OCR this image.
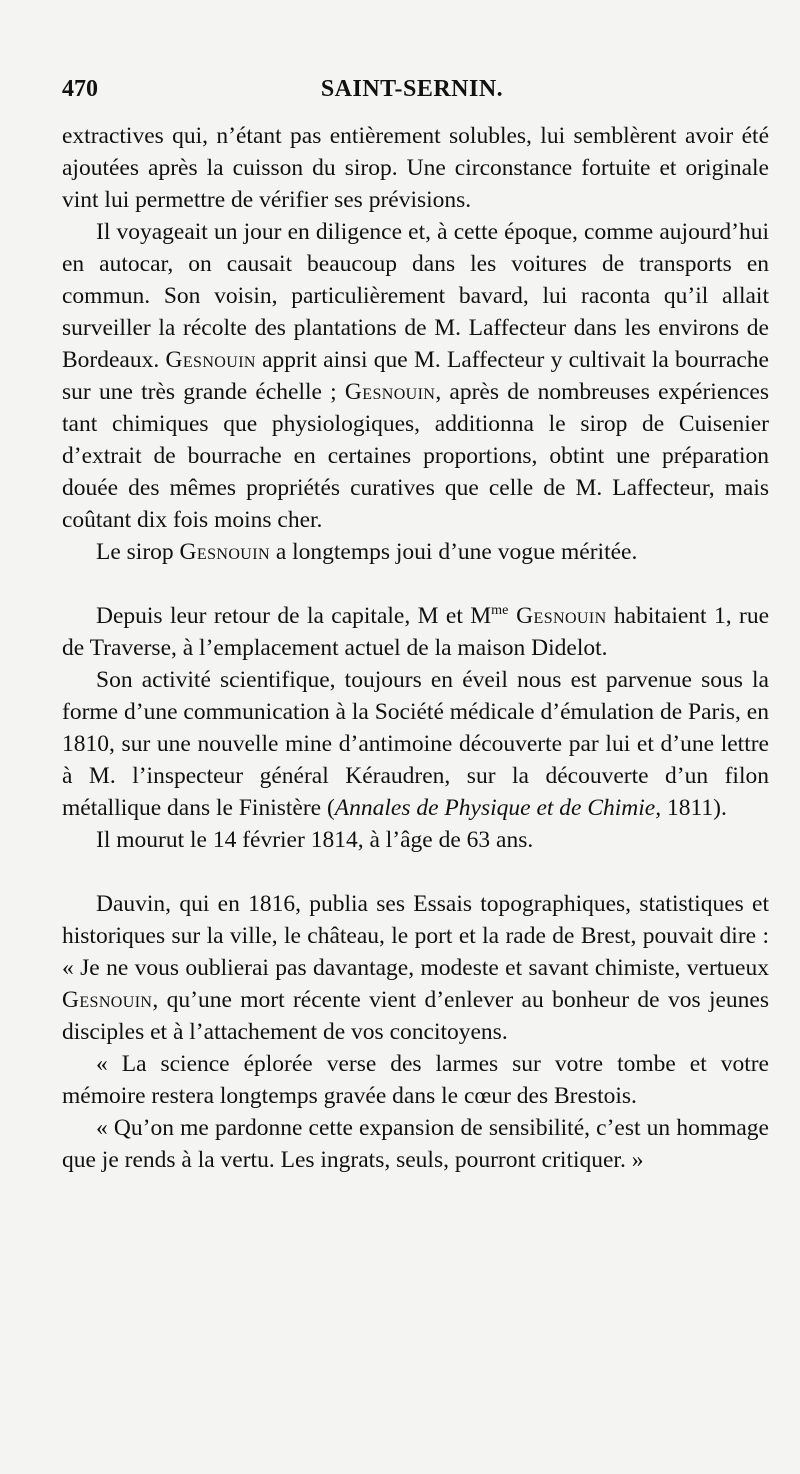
470	SAINT-SERNIN.

extractives qui, n’étant pas entièrement solubles, lui semblèrent avoir été ajoutées après la cuisson du sirop. Une circonstance fortuite et originale vint lui permettre de vérifier ses prévisions.

Il voyageait un jour en diligence et, à cette époque, comme aujourd’hui en autocar, on causait beaucoup dans les voitures de transports en commun. Son voisin, particulièrement bavard, lui raconta qu’il allait surveiller la récolte des plantations de M. Laffecteur dans les environs de Bordeaux. Gesnouin apprit ainsi que M. Laffecteur y cultivait la bourrache sur une très grande échelle ; Gesnouin, après de nombreuses expériences tant chimiques que physiologiques, additionna le sirop de Cuisenier d’extrait de bourrache en certaines proportions, obtint une préparation douée des mêmes propriétés curatives que celle de M. Laffecteur, mais coûtant dix fois moins cher.

Le sirop Gesnouin a longtemps joui d’une vogue méritée.

Depuis leur retour de la capitale, M et $M^{me}$ Gesnouin habitaient 1, rue de Traverse, à l’emplacement actuel de la maison Didelot.

Son activité scientifique, toujours en éveil nous est parvenue sous la forme d’une communication à la Société médicale d’émulation de Paris, en 1810, sur une nouvelle mine d’antimoine découverte par lui et d’une lettre à M. l’inspecteur général Kéraudren, sur la découverte d’un filon métallique dans le Finistère (Annales de Physique et de Chimie, 1811).

Il mourut le 14 février 1814, à l’âge de 63 ans.

Dauvin, qui en 1816, publia ses Essais topographiques, statistiques et historiques sur la ville, le château, le port et la rade de Brest, pouvait dire : « Je ne vous oublierai pas davantage, modeste et savant chimiste, vertueux Gesnouin, qu’une mort récente vient d’enlever au bonheur de vos jeunes disciples et à l’attachement de vos concitoyens.

« La science éplorée verse des larmes sur votre tombe et votre mémoire restera longtemps gravée dans le cœur des Brestois.

« Qu’on me pardonne cette expansion de sensibilité, c’est un hommage que je rends à la vertu. Les ingrats, seuls, pourront critiquer. »
